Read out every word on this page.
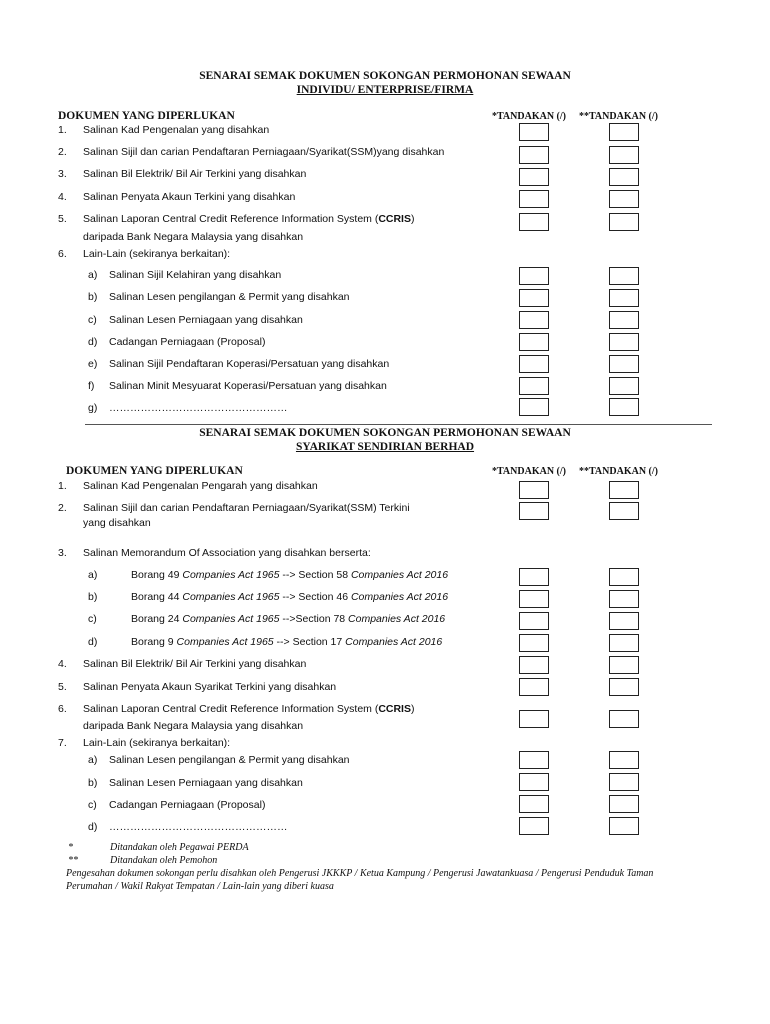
SENARAI SEMAK DOKUMEN SOKONGAN PERMOHONAN SEWAAN
INDIVIDU/ ENTERPRISE/FIRMA
DOKUMEN YANG DIPERLUKAN	*TANDAKAN (/) **TANDAKAN (/)
1. Salinan Kad Pengenalan yang disahkan
2. Salinan Sijil dan carian Pendaftaran Perniagaan/Syarikat(SSM)yang disahkan
3. Salinan Bil Elektrik/ Bil Air Terkini yang disahkan
4. Salinan Penyata Akaun Terkini yang disahkan
5. Salinan Laporan Central Credit Reference Information System (CCRIS)
daripada Bank Negara Malaysia yang disahkan
6. Lain-Lain (sekiranya berkaitan):
a) Salinan Sijil Kelahiran yang disahkan
b) Salinan Lesen pengilangan & Permit yang disahkan
c) Salinan Lesen Perniagaan yang disahkan
d) Cadangan Perniagaan (Proposal)
e) Salinan Sijil Pendaftaran Koperasi/Persatuan yang disahkan
f) Salinan Minit Mesyuarat Koperasi/Persatuan yang disahkan
g) ……………………………………………
SENARAI SEMAK DOKUMEN SOKONGAN PERMOHONAN SEWAAN
SYARIKAT SENDIRIAN BERHAD
DOKUMEN YANG DIPERLUKAN	*TANDAKAN (/) **TANDAKAN (/)
1. Salinan Kad Pengenalan Pengarah yang disahkan
2. Salinan Sijil dan carian Pendaftaran Perniagaan/Syarikat(SSM) Terkini
yang disahkan
3. Salinan Memorandum Of Association yang disahkan berserta:
a)	Borang 49 Companies Act 1965 --> Section 58 Companies Act 2016
b)	Borang 44 Companies Act 1965 --> Section 46 Companies Act 2016
c)	Borang 24 Companies Act 1965 -->Section 78 Companies Act 2016
d)	Borang 9 Companies Act 1965 --> Section 17 Companies Act 2016
4. Salinan Bil Elektrik/ Bil Air Terkini yang disahkan
5. Salinan Penyata Akaun Syarikat Terkini yang disahkan
6. Salinan Laporan Central Credit Reference Information System (CCRIS)
daripada Bank Negara Malaysia yang disahkan
7. Lain-Lain (sekiranya berkaitan):
a) Salinan Lesen pengilangan & Permit yang disahkan
b) Salinan Lesen Perniagaan yang disahkan
c) Cadangan Perniagaan (Proposal)
d) ……………………………………………
*	Ditandakan oleh Pegawai PERDA
**	Ditandakan oleh Pemohon
Pengesahan dokumen sokongan perlu disahkan oleh Pengerusi JKKKP / Ketua Kampung / Pengerusi Jawatankuasa / Pengerusi Penduduk Taman
Perumahan / Wakil Rakyat Tempatan / Lain-lain yang diberi kuasa
